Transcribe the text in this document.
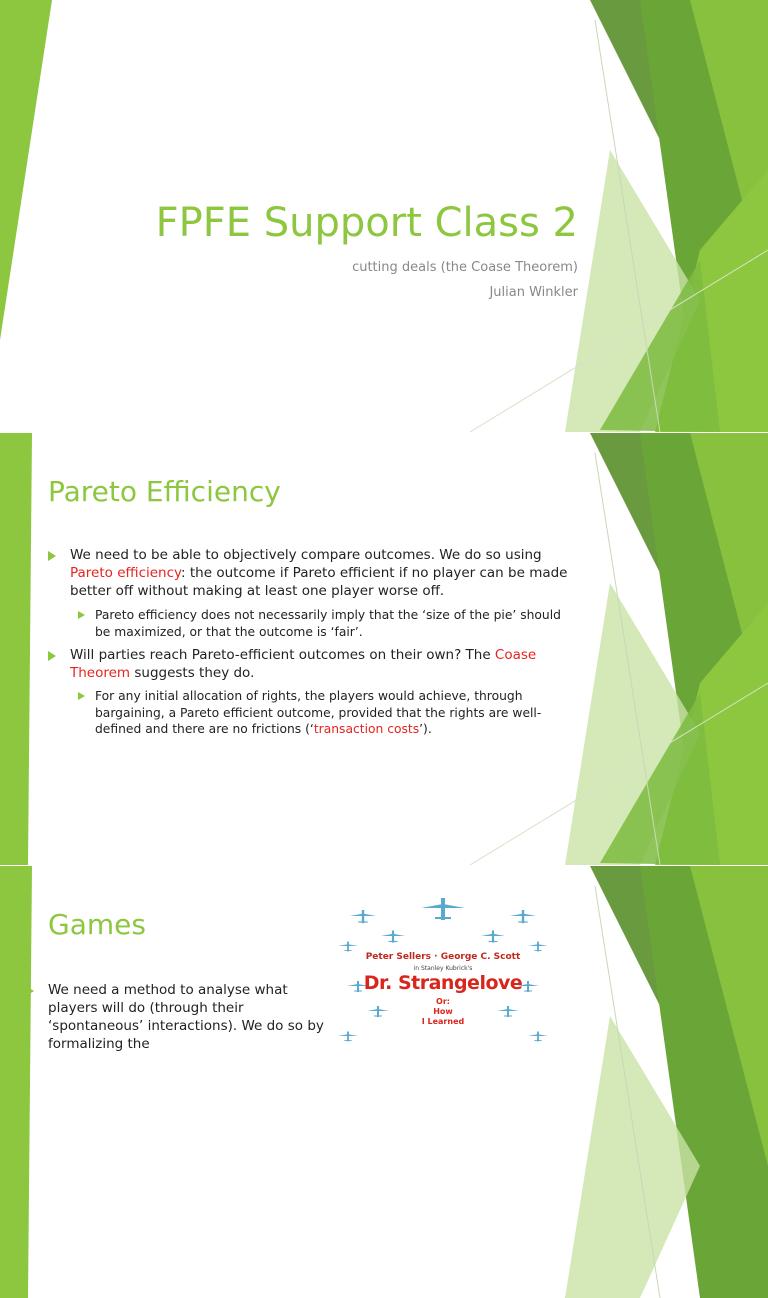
FPFE Support Class 2
cutting deals (the Coase Theorem)
Julian Winkler
Pareto Efficiency
We need to be able to objectively compare outcomes. We do so using Pareto efficiency: the outcome if Pareto efficient if no player can be made better off without making at least one player worse off.
Pareto efficiency does not necessarily imply that the ‘size of the pie’ should be maximized, or that the outcome is ‘fair’.
Will parties reach Pareto-efficient outcomes on their own? The Coase Theorem suggests they do.
For any initial allocation of rights, the players would achieve, through bargaining, a Pareto efficient outcome, provided that the rights are well-defined and there are no frictions (‘transaction costs’).
Games
We need a method to analyse what players will do (through their ‘spontaneous’ interactions). We do so by formalizing the
Peter Sellers · George C. Scott
in Stanley Kubrick's
Dr. Strangelove
Or:
How
I Learned
